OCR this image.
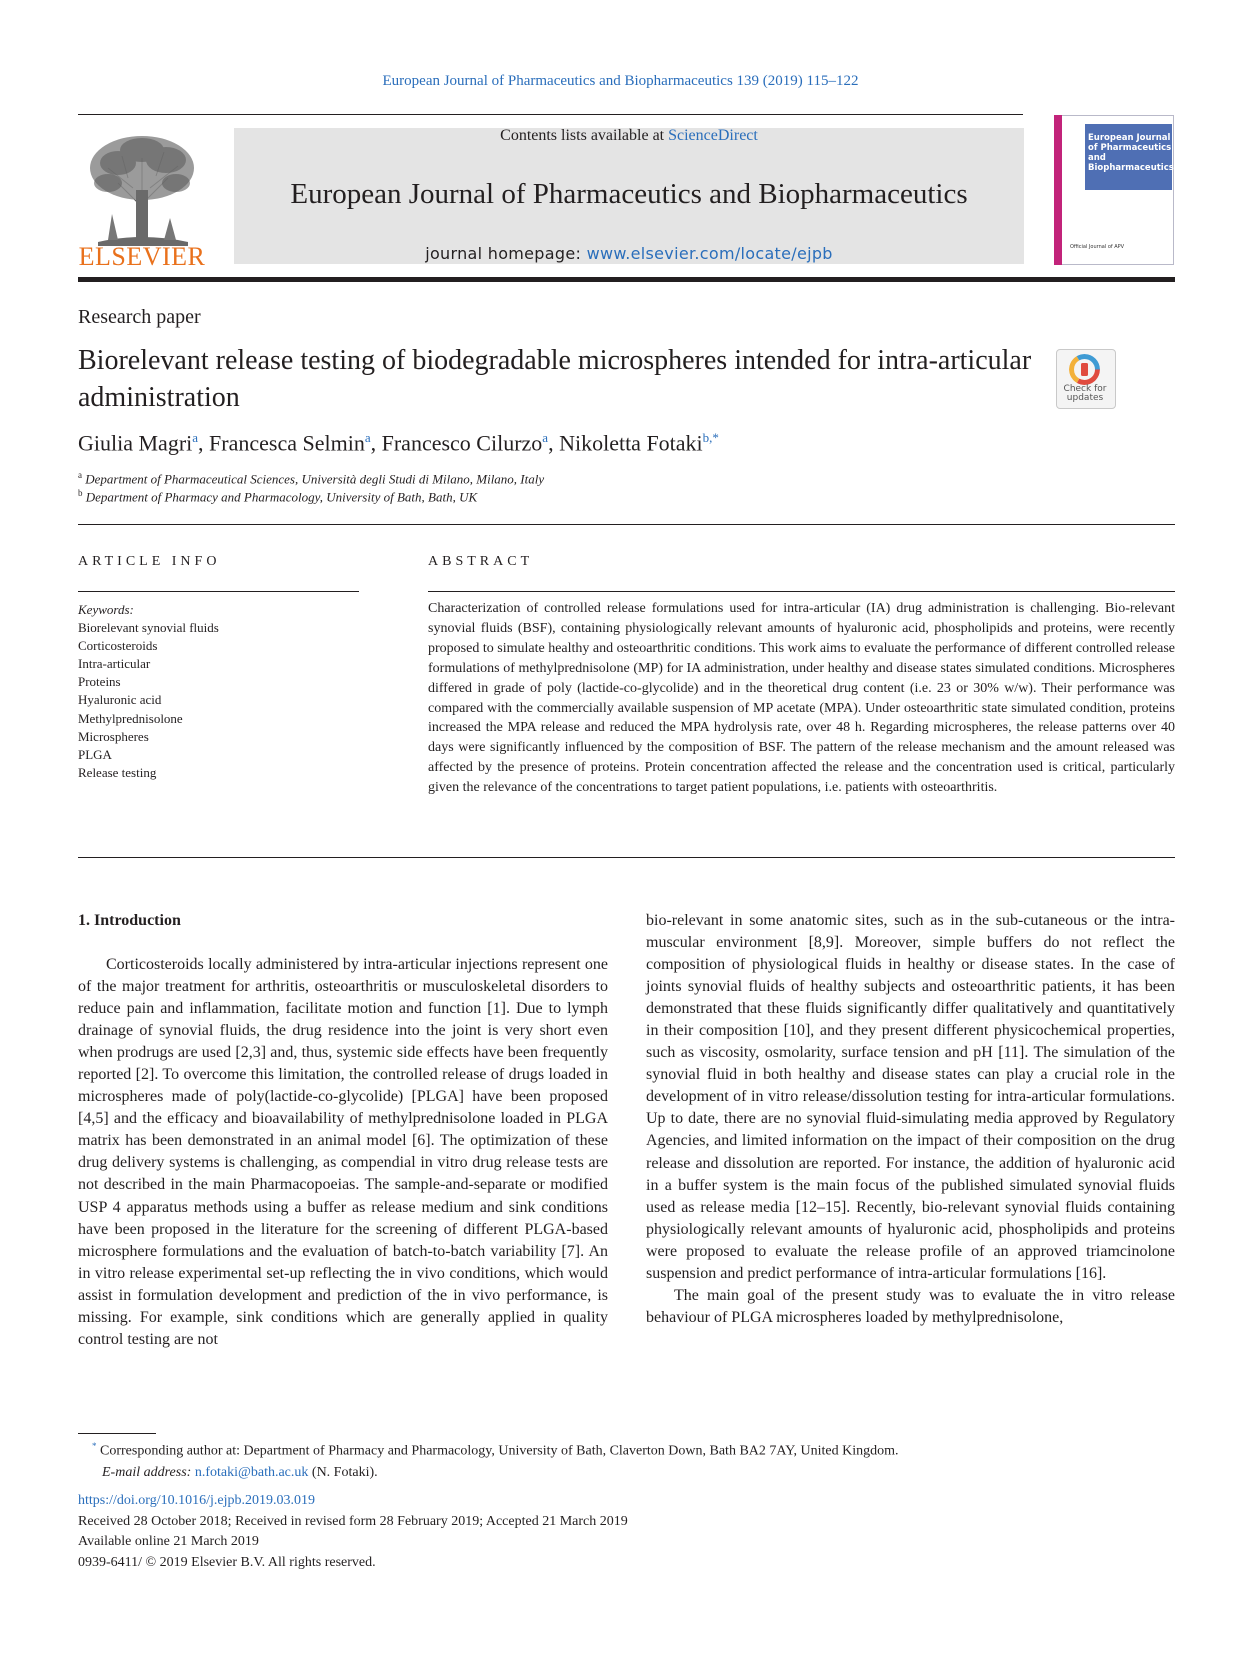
European Journal of Pharmaceutics and Biopharmaceutics 139 (2019) 115–122
ELSEVIER
Contents lists available at ScienceDirect
European Journal of Pharmaceutics and Biopharmaceutics
journal homepage: www.elsevier.com/locate/ejpb
European Journal of Pharmaceutics and Biopharmaceutics
Official Journal of APV
Research paper
Biorelevant release testing of biodegradable microspheres intended for intra-articular administration	Check for updates
Giulia Magri$^a$, Francesca Selmin$^a$, Francesco Cilurzo$^a$, Nikoletta Fotaki$^{b,*}$
$^a$ Department of Pharmaceutical Sciences, Università degli Studi di Milano, Milano, Italy
$^b$ Department of Pharmacy and Pharmacology, University of Bath, Bath, UK
ARTICLE INFO
Keywords:
Biorelevant synovial fluids
Corticosteroids
Intra-articular
Proteins
Hyaluronic acid
Methylprednisolone
Microspheres
PLGA
Release testing
ABSTRACT
Characterization of controlled release formulations used for intra-articular (IA) drug administration is challenging. Bio-relevant synovial fluids (BSF), containing physiologically relevant amounts of hyaluronic acid, phospholipids and proteins, were recently proposed to simulate healthy and osteoarthritic conditions. This work aims to evaluate the performance of different controlled release formulations of methylprednisolone (MP) for IA administration, under healthy and disease states simulated conditions. Microspheres differed in grade of poly (lactide-co-glycolide) and in the theoretical drug content (i.e. 23 or 30% w/w). Their performance was compared with the commercially available suspension of MP acetate (MPA). Under osteoarthritic state simulated condition, proteins increased the MPA release and reduced the MPA hydrolysis rate, over 48 h. Regarding microspheres, the release patterns over 40 days were significantly influenced by the composition of BSF. The pattern of the release mechanism and the amount released was affected by the presence of proteins. Protein concentration affected the release and the concentration used is critical, particularly given the relevance of the concentrations to target patient populations, i.e. patients with osteoarthritis.
1. Introduction

Corticosteroids locally administered by intra-articular injections represent one of the major treatment for arthritis, osteoarthritis or musculoskeletal disorders to reduce pain and inflammation, facilitate motion and function [1]. Due to lymph drainage of synovial fluids, the drug residence into the joint is very short even when prodrugs are used [2,3] and, thus, systemic side effects have been frequently reported [2]. To overcome this limitation, the controlled release of drugs loaded in microspheres made of poly(lactide-co-glycolide) [PLGA] have been proposed [4,5] and the efficacy and bioavailability of methylprednisolone loaded in PLGA matrix has been demonstrated in an animal model [6]. The optimization of these drug delivery systems is challenging, as compendial in vitro drug release tests are not described in the main Pharmacopoeias. The sample-and-separate or modified USP 4 apparatus methods using a buffer as release medium and sink conditions have been proposed in the literature for the screening of different PLGA-based microsphere formulations and the evaluation of batch-to-batch variability [7]. An in vitro release experimental set-up reflecting the in vivo conditions, which would assist in formulation development and prediction of the in vivo performance, is missing. For example, sink conditions which are generally applied in quality control testing are not

bio-relevant in some anatomic sites, such as in the sub-cutaneous or the intra-muscular environment [8,9]. Moreover, simple buffers do not reflect the composition of physiological fluids in healthy or disease states. In the case of joints synovial fluids of healthy subjects and osteoarthritic patients, it has been demonstrated that these fluids significantly differ qualitatively and quantitatively in their composition [10], and they present different physicochemical properties, such as viscosity, osmolarity, surface tension and pH [11]. The simulation of the synovial fluid in both healthy and disease states can play a crucial role in the development of in vitro release/dissolution testing for intra-articular formulations. Up to date, there are no synovial fluid-simulating media approved by Regulatory Agencies, and limited information on the impact of their composition on the drug release and dissolution are reported. For instance, the addition of hyaluronic acid in a buffer system is the main focus of the published simulated synovial fluids used as release media [12–15]. Recently, bio-relevant synovial fluids containing physiologically relevant amounts of hyaluronic acid, phospholipids and proteins were proposed to evaluate the release profile of an approved triamcinolone suspension and predict performance of intra-articular formulations [16].

The main goal of the present study was to evaluate the in vitro release behaviour of PLGA microspheres loaded by methylprednisolone,

* Corresponding author at: Department of Pharmacy and Pharmacology, University of Bath, Claverton Down, Bath BA2 7AY, United Kingdom.
E-mail address: n.fotaki@bath.ac.uk (N. Fotaki).
https://doi.org/10.1016/j.ejpb.2019.03.019
Received 28 October 2018; Received in revised form 28 February 2019; Accepted 21 March 2019
Available online 21 March 2019
0939-6411/ © 2019 Elsevier B.V. All rights reserved.
